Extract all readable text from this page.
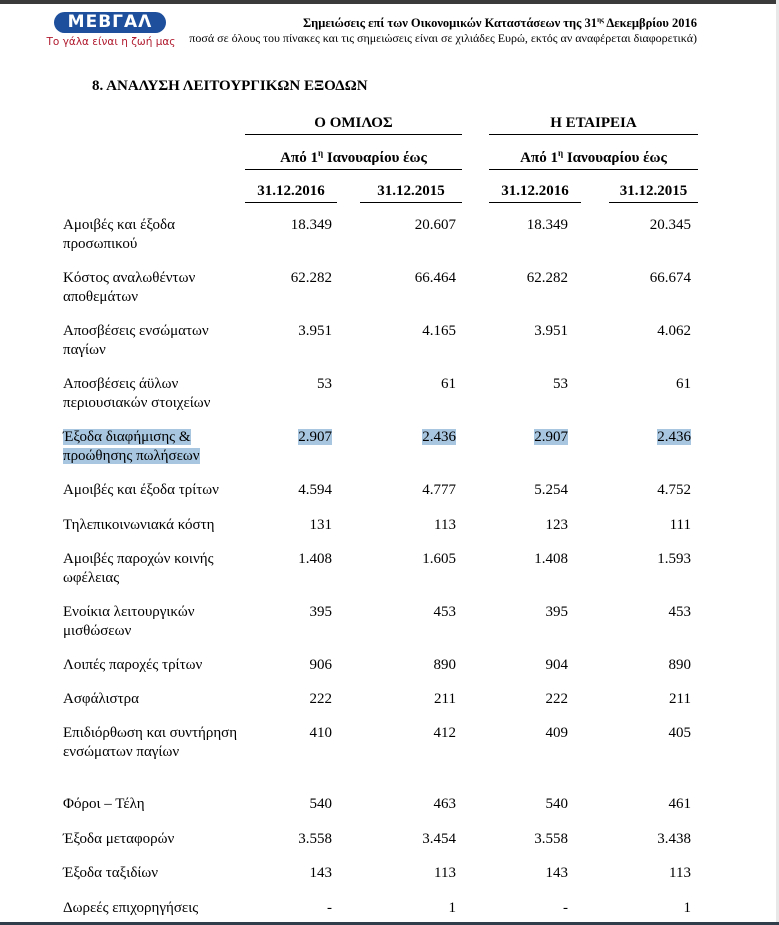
ΜΕΒΓΑΛ
Το γάλα είναι η ζωή μας
Σημειώσεις επί των Οικονομικών Καταστάσεων της $31^{\eta\varsigma}$ Δεκεμβρίου 2016
ποσά σε όλους του πίνακες και τις σημειώσεις είναι σε χιλιάδες Ευρώ, εκτός αν αναφέρεται διαφορετικά)
8. ΑΝΑΛΥΣΗ ΛΕΙΤΟΥΡΓΙΚΩΝ ΕΞΟΔΩΝ
Ο ΟΜΙΛΟΣ	Η ΕΤΑΙΡΕΙΑ
Από $1^\eta$ Ιανουαρίου έως	Από $1^\eta$ Ιανουαρίου έως
31.12.2016	31.12.2015	31.12.2016	31.12.2015
Αμοιβές και έξοδα προσωπικού
18.349	20.607	18.349	20.345
Κόστος αναλωθέντων αποθεμάτων
62.282	66.464	62.282	66.674
Αποσβέσεις ενσώματων παγίων
3.951	4.165	3.951	4.062
Αποσβέσεις άϋλων περιουσιακών στοιχείων
53	61	53	61
Έξοδα διαφήμισης & προώθησης πωλήσεων
2.907	2.436	2.907	2.436
Αμοιβές και έξοδα τρίτων	4.594	4.777	5.254	4.752
Τηλεπικοινωνιακά κόστη	131	113	123	111
Αμοιβές παροχών κοινής ωφέλειας
1.408	1.605	1.408	1.593
Ενοίκια λειτουργικών μισθώσεων
395	453	395	453
Λοιπές παροχές τρίτων	906	890	904	890
Ασφάλιστρα	222	211	222	211
Επιδιόρθωση και συντήρηση ενσώματων παγίων
410	412	409	405
Φόροι – Τέλη	540	463	540	461
Έξοδα μεταφορών	3.558	3.454	3.558	3.438
Έξοδα ταξιδίων	143	113	143	113
Δωρεές επιχορηγήσεις	-	1	-	1
